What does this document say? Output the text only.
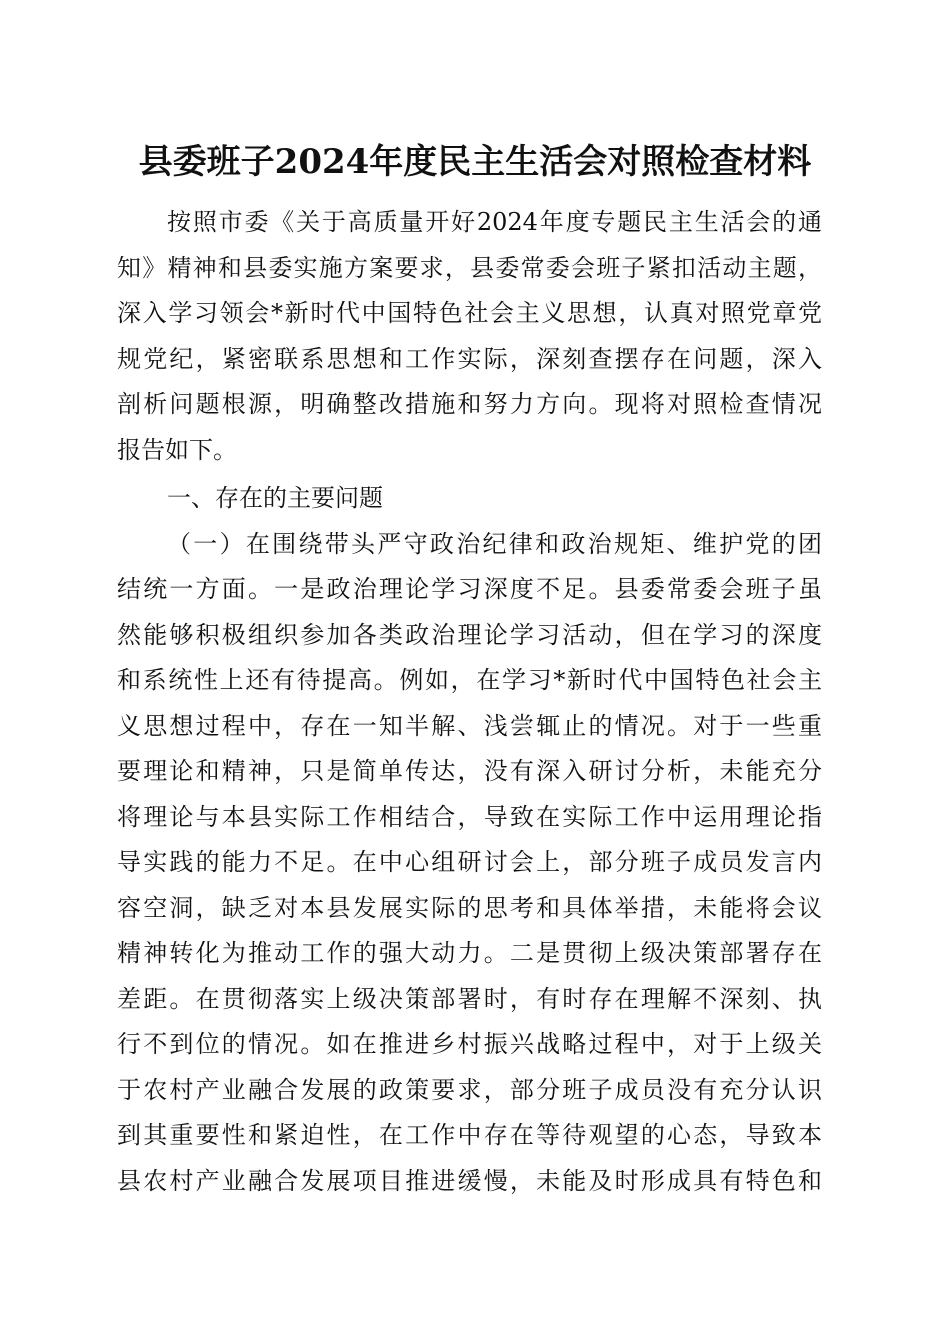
县委班子2024年度民主生活会对照检查材料
按照市委《关于高质量开好2024年度专题民主生活会的通
知》精神和县委实施方案要求，县委常委会班子紧扣活动主题，
深入学习领会*新时代中国特色社会主义思想，认真对照党章党
规党纪，紧密联系思想和工作实际，深刻查摆存在问题，深入
剖析问题根源，明确整改措施和努力方向。现将对照检查情况
报告如下。
一、存在的主要问题
（一）在围绕带头严守政治纪律和政治规矩、维护党的团
结统一方面。一是政治理论学习深度不足。县委常委会班子虽
然能够积极组织参加各类政治理论学习活动，但在学习的深度
和系统性上还有待提高。例如，在学习*新时代中国特色社会主
义思想过程中，存在一知半解、浅尝辄止的情况。对于一些重
要理论和精神，只是简单传达，没有深入研讨分析，未能充分
将理论与本县实际工作相结合，导致在实际工作中运用理论指
导实践的能力不足。在中心组研讨会上，部分班子成员发言内
容空洞，缺乏对本县发展实际的思考和具体举措，未能将会议
精神转化为推动工作的强大动力。二是贯彻上级决策部署存在
差距。在贯彻落实上级决策部署时，有时存在理解不深刻、执
行不到位的情况。如在推进乡村振兴战略过程中，对于上级关
于农村产业融合发展的政策要求，部分班子成员没有充分认识
到其重要性和紧迫性，在工作中存在等待观望的心态，导致本
县农村产业融合发展项目推进缓慢，未能及时形成具有特色和
